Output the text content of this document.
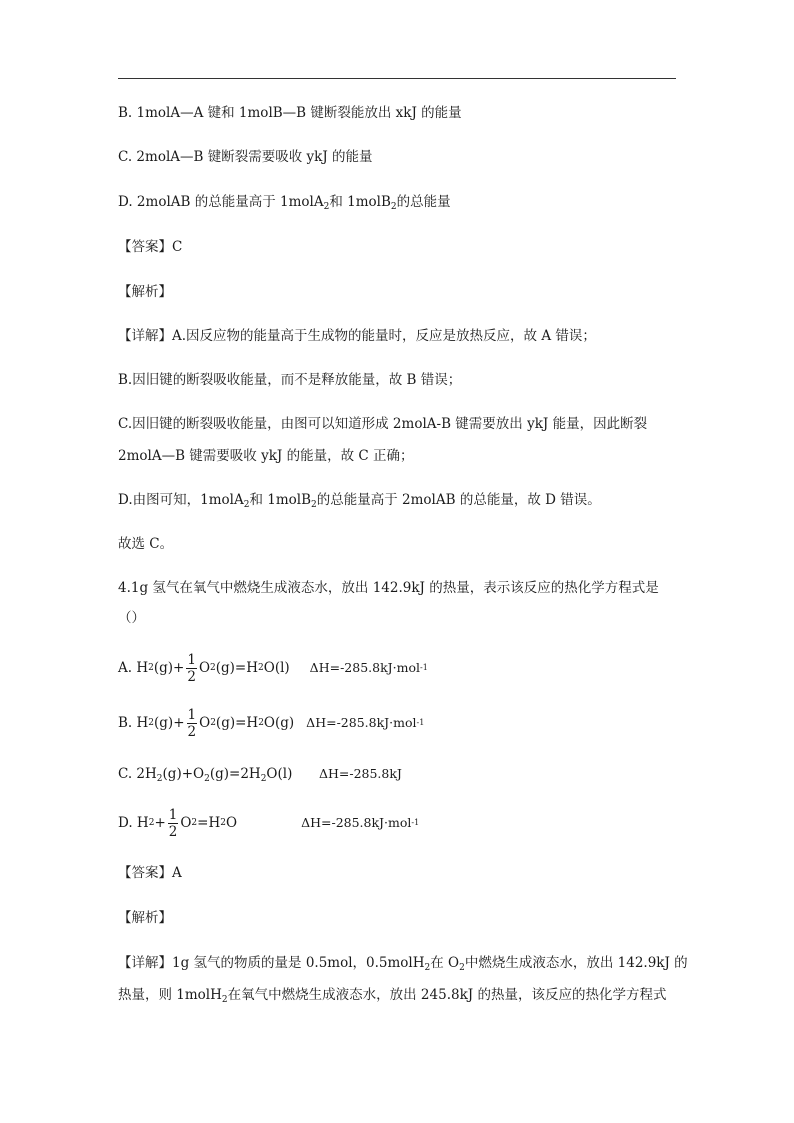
B. 1molA—A 键和 1molB—B 键断裂能放出 xkJ 的能量
C. 2molA—B 键断裂需要吸收 ykJ 的能量
D. 2molAB 的总能量高于 1molA$_2$和 1molB$_2$的总能量
【答案】C
【解析】
【详解】A.因反应物的能量高于生成物的能量时，反应是放热反应，故 A 错误；
B.因旧键的断裂吸收能量，而不是释放能量，故 B 错误；
C.因旧键的断裂吸收能量，由图可以知道形成 2molA-B 键需要放出 ykJ 能量，因此断裂
2molA—B 键需要吸收 ykJ 的能量，故 C 正确；
D.由图可知，1molA$_2$和 1molB$_2$的总能量高于 2molAB 的总能量，故 D 错误。
故选 C。
4.1g 氢气在氧气中燃烧生成液态水，放出 142.9kJ 的热量，表示该反应的热化学方程式是
（）
A. H 2 $(g)+ \frac{1}{2}$ O 2 (g)=H 2 O(l) ΔH=-285.8kJ·mol -1
B. H 2 $(g)+ \frac{1}{2}$ O 2 (g)=H 2 O(g) ΔH=-285.8kJ·mol -1
C. $2H_2(g)+O_2(g)=2H_2O(l)$ ΔH=-285.8kJ
D. H $2 + \frac{1}{2}$ O 2 =H 2 O	ΔH=-285.8kJ·mol -1
【答案】A
【解析】
【详解】1g 氢气的物质的量是 0.5mol，0.5molH$_2$在 $O_2$中燃烧生成液态水，放出 142.9kJ 的
热量，则 1molH$_2$在氧气中燃烧生成液态水，放出 245.8kJ 的热量，该反应的热化学方程式
